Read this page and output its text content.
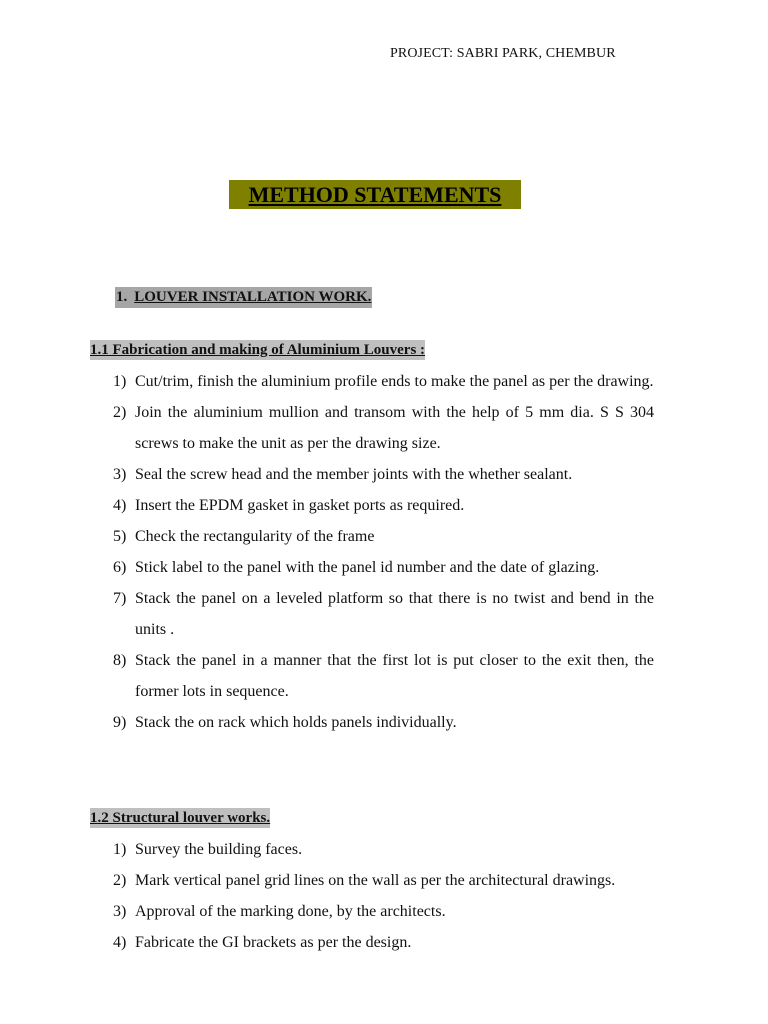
PROJECT: SABRI PARK, CHEMBUR
METHOD STATEMENTS
1. LOUVER INSTALLATION WORK.
1.1 Fabrication and making of Aluminium Louvers :
1) Cut/trim, finish the aluminium profile ends to make the panel as per the drawing.
2) Join the aluminium mullion and transom with the help of 5 mm dia. S S 304 screws to make the unit as per the drawing size.
3) Seal the screw head and the member joints with the whether sealant.
4) Insert the EPDM gasket in gasket ports as required.
5) Check the rectangularity of the frame
6) Stick label to the panel with the panel id number and the date of glazing.
7) Stack the panel on a leveled platform so that there is no twist and bend in the units .
8) Stack the panel in a manner that the first lot is put closer to the exit then, the former lots in sequence.
9) Stack the on rack which holds panels individually.
1.2 Structural louver works.
1) Survey the building faces.
2) Mark vertical panel grid lines on the wall as per the architectural drawings.
3) Approval of the marking done, by the architects.
4) Fabricate the GI brackets as per the design.
